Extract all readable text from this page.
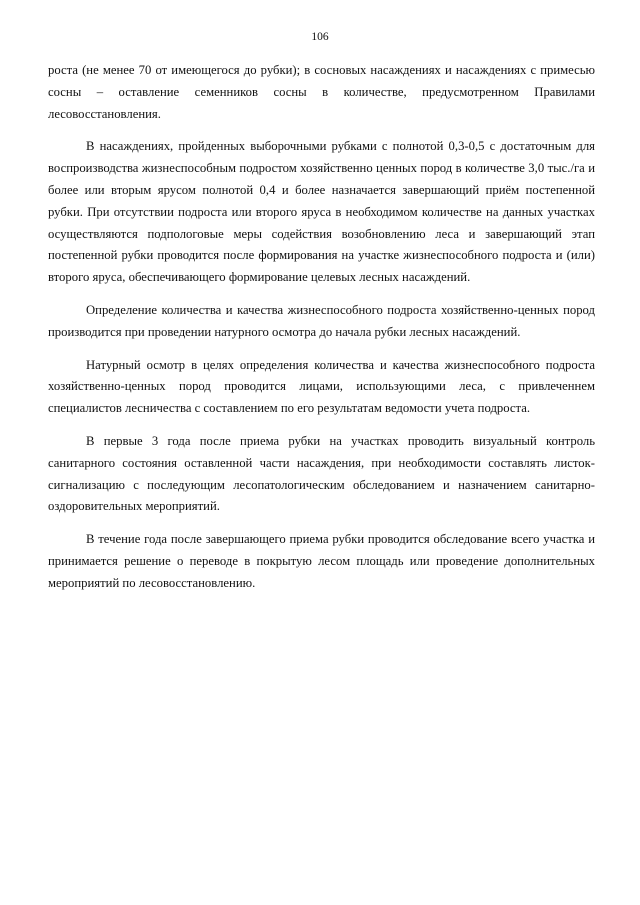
106

роста (не менее 70 от имеющегося до рубки); в сосновых насаждениях и насаждениях с примесью сосны – оставление семенников сосны в количестве, предусмотренном Правилами лесовосстановления.

В насаждениях, пройденных выборочными рубками с полнотой 0,3-0,5 с достаточным для воспроизводства жизнеспособным подростом хозяйственно ценных пород в количестве 3,0 тыс./га и более или вторым ярусом полнотой 0,4 и более назначается завершающий приём постепенной рубки. При отсутствии подроста или второго яруса в необходимом количестве на данных участках осуществляются подпологовые меры содействия возобновлению леса и завершающий этап постепенной рубки проводится после формирования на участке жизнеспособного подроста и (или) второго яруса, обеспечивающего формирование целевых лесных насаждений.

Определение количества и качества жизнеспособного подроста хозяйственно-ценных пород производится при проведении натурного осмотра до начала рубки лесных насаждений.

Натурный осмотр в целях определения количества и качества жизнеспособного подроста хозяйственно-ценных пород проводится лицами, использующими леса, с привлеченнем специалистов лесничества с составлением по его результатам ведомости учета подроста.

В первые 3 года после приема рубки на участках проводить визуальный контроль санитарного состояния оставленной части насаждения, при необходимости составлять листок-сигнализацию с последующим лесопатологическим обследованием и назначением санитарно-оздоровительных мероприятий.

В течение года после завершающего приема рубки проводится обследование всего участка и принимается решение о переводе в покрытую лесом площадь или проведение дополнительных мероприятий по лесовосстановлению.
